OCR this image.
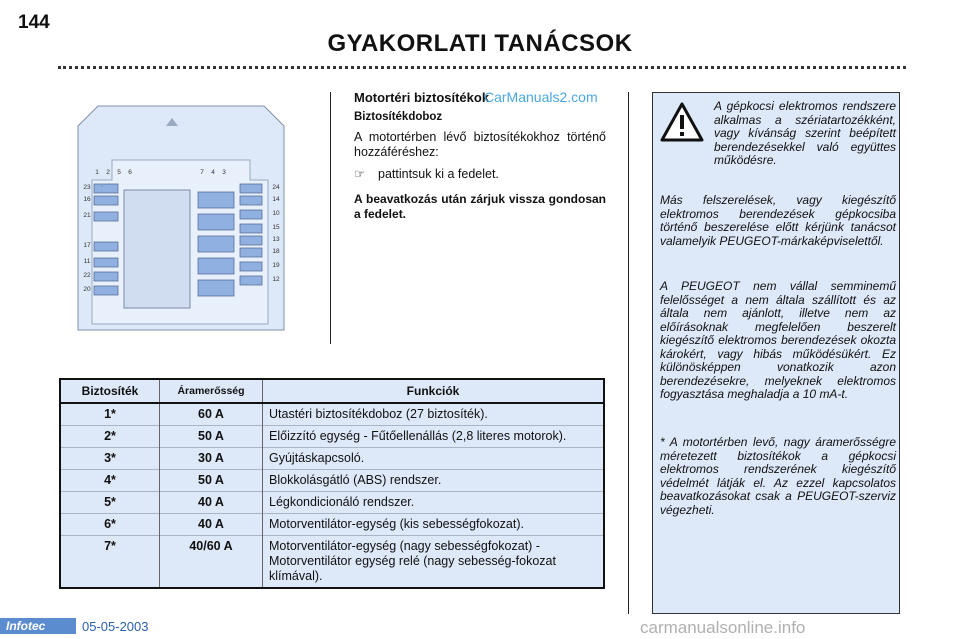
144
GYAKORLATI TANÁCSOK
1 2 5 6	7 4 3
23
16
21
17
11
22
20
24
14
10
15
13
18
19
12
Motortéri biztosítékok
CarManuals2.com
Biztosítékdoboz
A motortérben lévő biztosítékokhoz történő hozzáféréshez:
☞ pattintsuk ki a fedelet.
A beavatkozás után zárjuk vissza gondosan a fedelet.
Biztosíték	Áramerősség	Funkciók
1*	60 A	Utastéri biztosítékdoboz (27 biztosíték).
2*	50 A	Előizzító egység - Fűtőellenállás (2,8 literes motorok).
3*	30 A	Gyújtáskapcsoló.
4*	50 A	Blokkolásgátló (ABS) rendszer.
5*	40 A	Légkondicionáló rendszer.
6*	40 A	Motorventilátor-egység (kis sebességfokozat).
7*	40/60 A	Motorventilátor-egység (nagy sebességfokozat) - Motorventilátor egység relé (nagy sebesség-fokozat klímával).
A gépkocsi elektromos rendszere alkalmas a szériatartozékként, vagy kívánság szerint beépített berendezésekkel való együttes működésre.
Más felszerelések, vagy kiegészítő elektromos berendezések gépkocsiba történő beszerelése előtt kérjünk tanácsot valamelyik PEUGEOT-márkaképviselettől.
A PEUGEOT nem vállal semminemű felelősséget a nem általa szállított és az általa nem ajánlott, illetve nem az előírásoknak megfelelően beszerelt kiegészítő elektromos berendezések okozta károkért, vagy hibás működésükért. Ez különösképpen vonatkozik azon berendezésekre, melyeknek elektromos fogyasztása meghaladja a 10 mA-t.
* A motortérben levő, nagy áramerősségre méretezett biztosítékok a gépkocsi elektromos rendszerének kiegészítő védelmét látják el. Az ezzel kapcsolatos beavatkozásokat csak a PEUGEOT-szerviz végezheti.
Infotec	05-05-2003	carmanualsonline.info
